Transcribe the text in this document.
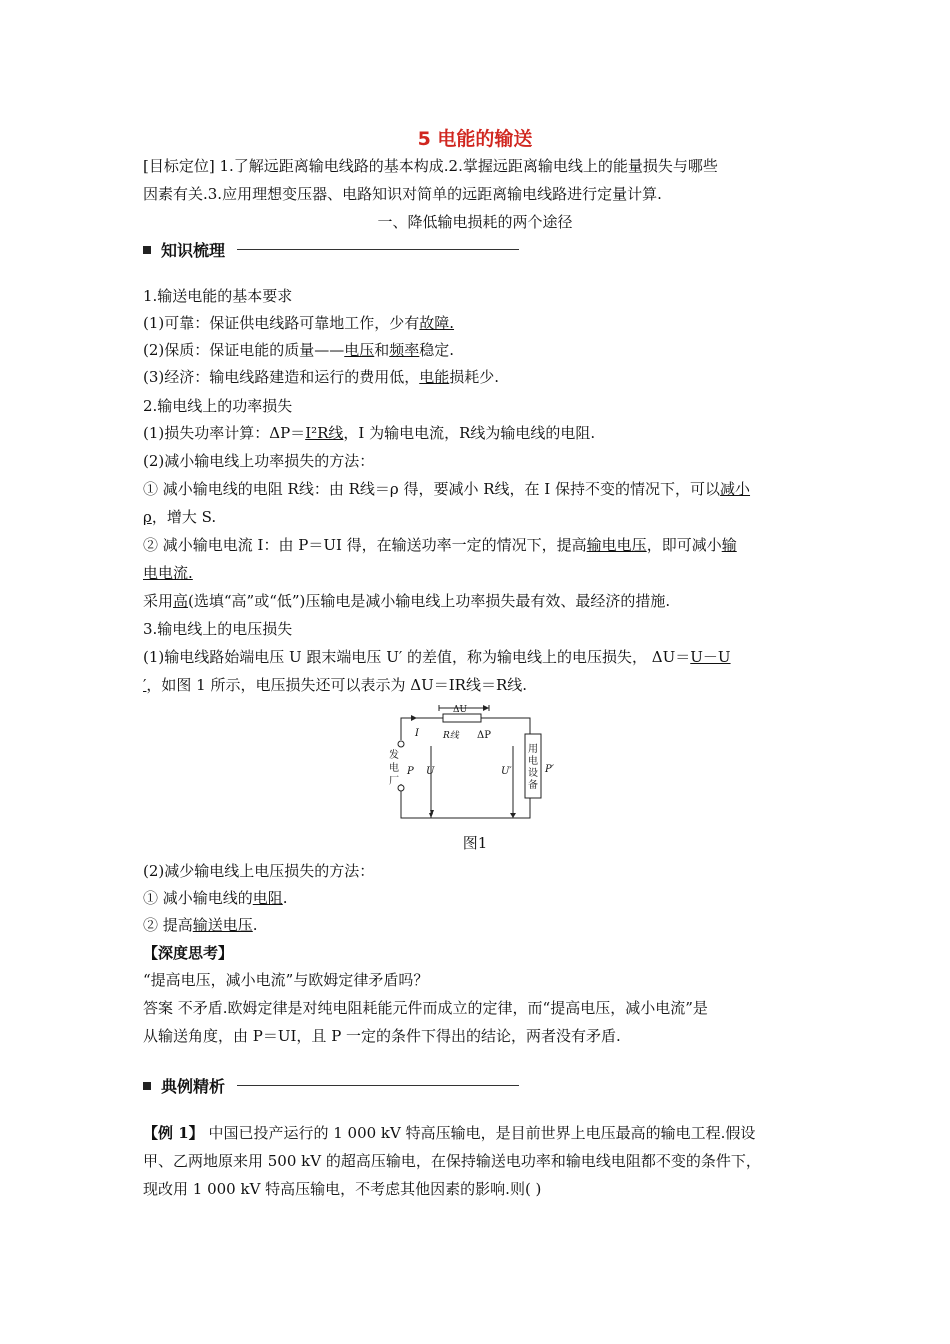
5 电能的输送
[目标定位] 1.了解远距离输电线路的基本构成.2.掌握远距离输电线上的能量损失与哪些
因素有关.3.应用理想变压器、电路知识对简单的远距离输电线路进行定量计算.
一、降低输电损耗的两个途径
知识梳理
1.输送电能的基本要求
(1)可靠：保证供电线路可靠地工作，少有故障.
(2)保质：保证电能的质量——电压和频率稳定.
(3)经济：输电线路建造和运行的费用低，电能损耗少.
2.输电线上的功率损失
(1)损失功率计算：ΔP＝I²R线，I 为输电电流，R线为输电线的电阻.
(2)减小输电线上功率损失的方法：
① 减小输电线的电阻 R线：由 R线＝ρ 得，要减小 R线，在 I 保持不变的情况下，可以减小
ρ，增大 S.
② 减小输电电流 I：由 P＝UI 得，在输送功率一定的情况下，提高输电电压，即可减小输
电电流.
采用高(选填“高”或“低”)压输电是减小输电线上功率损失最有效、最经济的措施.
3.输电线上的电压损失
(1)输电线路始端电压 U 跟末端电压 U′ 的差值，称为输电线上的电压损失， ΔU＝U－U
′，如图 1 所示，电压损失还可以表示为 ΔU＝IR线＝R线.
ΔU
I	R线 ΔP
发
电
厂
P U	U′
用
电
设
备
P′
图1
(2)减少输电线上电压损失的方法：
① 减小输电线的电阻.
② 提高输送电压.
【深度思考】
“提高电压，减小电流”与欧姆定律矛盾吗？
答案 不矛盾.欧姆定律是对纯电阻耗能元件而成立的定律，而“提高电压，减小电流”是
从输送角度，由 P＝UI，且 P 一定的条件下得出的结论，两者没有矛盾.
典例精析
【例 1】 中国已投产运行的 1 000 kV 特高压输电，是目前世界上电压最高的输电工程.假设
甲、乙两地原来用 500 kV 的超高压输电，在保持输送电功率和输电线电阻都不变的条件下，
现改用 1 000 kV 特高压输电，不考虑其他因素的影响.则( )
